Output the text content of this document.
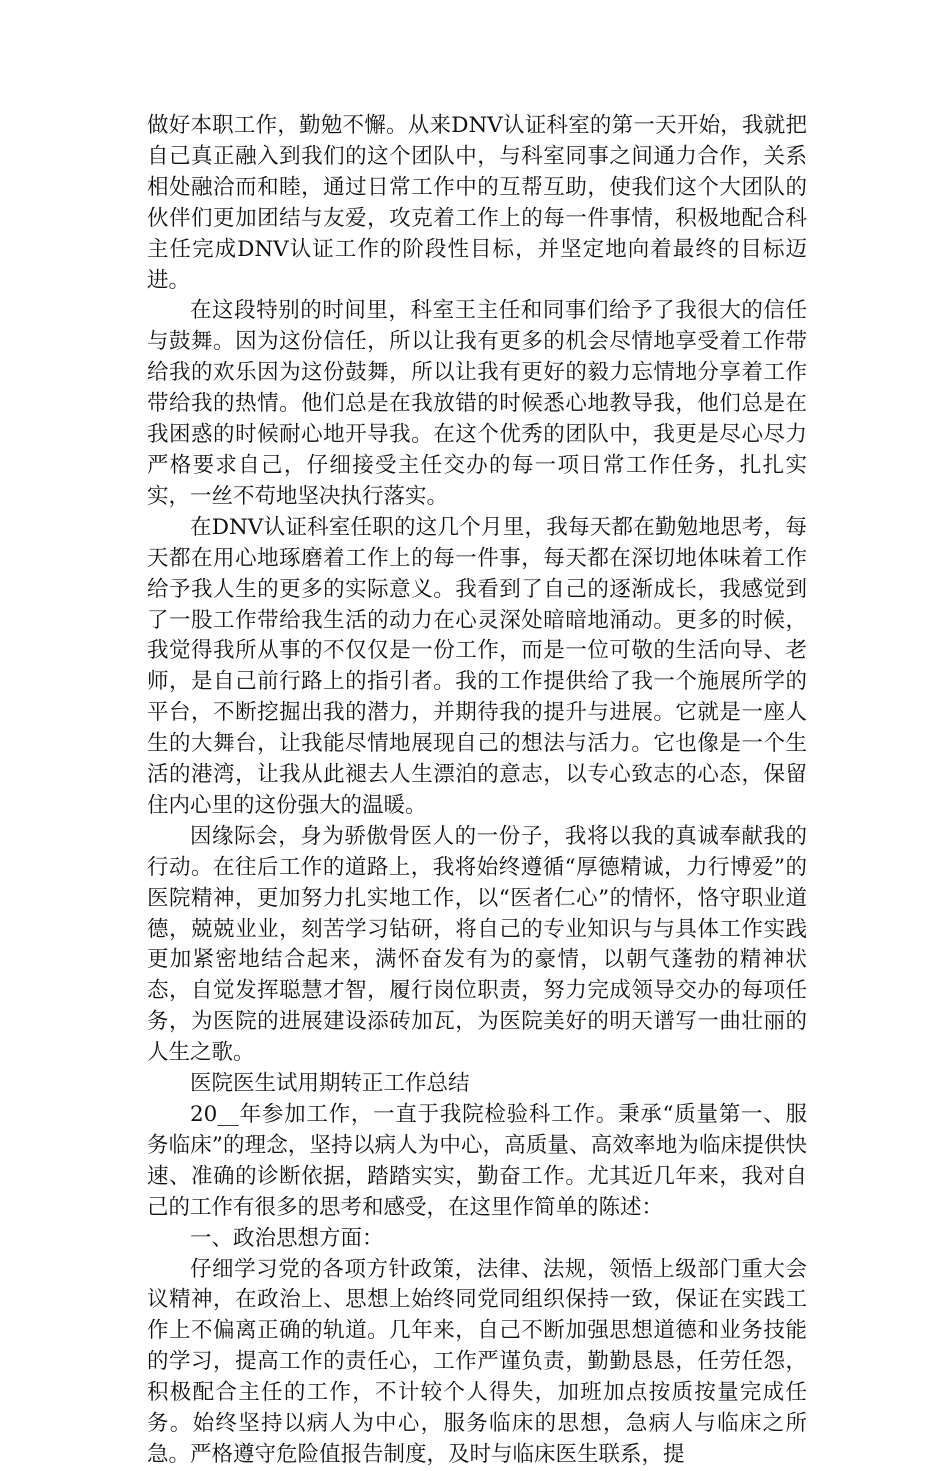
做好本职工作，勤勉不懈。从来DNV认证科室的第一天开始，我就把自己真正融入到我们的这个团队中，与科室同事之间通力合作，关系相处融洽而和睦，通过日常工作中的互帮互助，使我们这个大团队的伙伴们更加团结与友爱，攻克着工作上的每一件事情，积极地配合科主任完成DNV认证工作的阶段性目标，并坚定地向着最终的目标迈进。

在这段特别的时间里，科室王主任和同事们给予了我很大的信任与鼓舞。因为这份信任，所以让我有更多的机会尽情地享受着工作带给我的欢乐因为这份鼓舞，所以让我有更好的毅力忘情地分享着工作带给我的热情。他们总是在我放错的时候悉心地教导我，他们总是在我困惑的时候耐心地开导我。在这个优秀的团队中，我更是尽心尽力严格要求自己，仔细接受主任交办的每一项日常工作任务，扎扎实实，一丝不苟地坚决执行落实。

在DNV认证科室任职的这几个月里，我每天都在勤勉地思考，每天都在用心地琢磨着工作上的每一件事，每天都在深切地体味着工作给予我人生的更多的实际意义。我看到了自己的逐渐成长，我感觉到了一股工作带给我生活的动力在心灵深处暗暗地涌动。更多的时候，我觉得我所从事的不仅仅是一份工作，而是一位可敬的生活向导、老师，是自己前行路上的指引者。我的工作提供给了我一个施展所学的平台，不断挖掘出我的潜力，并期待我的提升与进展。它就是一座人生的大舞台，让我能尽情地展现自己的想法与活力。它也像是一个生活的港湾，让我从此褪去人生漂泊的意志，以专心致志的心态，保留住内心里的这份强大的温暖。

因缘际会，身为骄傲骨医人的一份子，我将以我的真诚奉献我的行动。在往后工作的道路上，我将始终遵循“厚德精诚，力行博爱”的医院精神，更加努力扎实地工作，以“医者仁心”的情怀，恪守职业道德，兢兢业业，刻苦学习钻研，将自己的专业知识与与具体工作实践更加紧密地结合起来，满怀奋发有为的豪情，以朝气蓬勃的精神状态，自觉发挥聪慧才智，履行岗位职责，努力完成领导交办的每项任务，为医院的进展建设添砖加瓦，为医院美好的明天谱写一曲壮丽的人生之歌。

医院医生试用期转正工作总结

20__年参加工作，一直于我院检验科工作。秉承“质量第一、服务临床”的理念，坚持以病人为中心，高质量、高效率地为临床提供快速、准确的诊断依据，踏踏实实，勤奋工作。尤其近几年来，我对自己的工作有很多的思考和感受，在这里作简单的陈述：

一、政治思想方面：

仔细学习党的各项方针政策，法律、法规，领悟上级部门重大会议精神，在政治上、思想上始终同党同组织保持一致，保证在实践工作上不偏离正确的轨道。几年来，自己不断加强思想道德和业务技能的学习，提高工作的责任心，工作严谨负责，勤勤恳恳，任劳任怨，积极配合主任的工作，不计较个人得失，加班加点按质按量完成任务。始终坚持以病人为中心，服务临床的思想，急病人与临床之所急。严格遵守危险值报告制度，及时与临床医生联系，提
